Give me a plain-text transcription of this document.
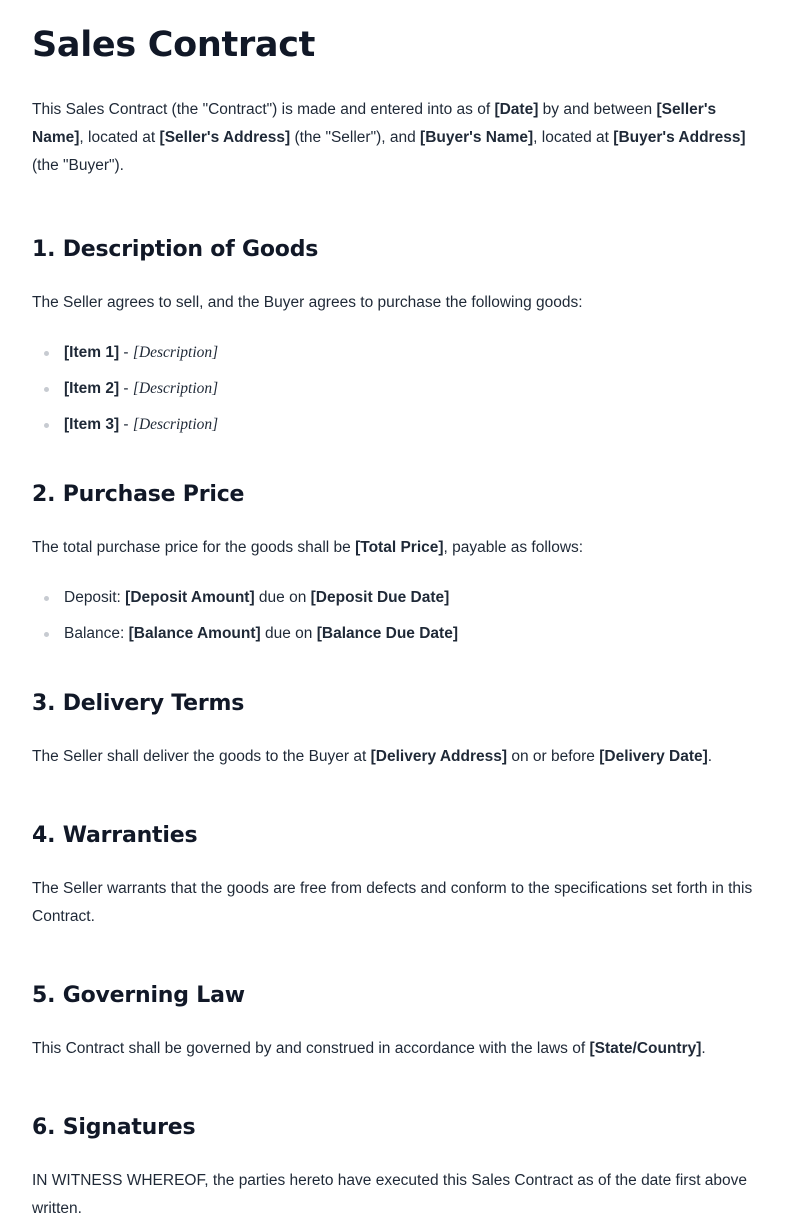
Sales Contract

This Sales Contract (the "Contract") is made and entered into as of [Date] by and between [Seller's Name], located at [Seller's Address] (the "Seller"), and [Buyer's Name], located at [Buyer's Address] (the "Buyer").

1. Description of Goods

The Seller agrees to sell, and the Buyer agrees to purchase the following goods:

[Item 1] - [Description]
[Item 2] - [Description]
[Item 3] - [Description]
2. Purchase Price

The total purchase price for the goods shall be [Total Price], payable as follows:

Deposit: [Deposit Amount] due on [Deposit Due Date]
Balance: [Balance Amount] due on [Balance Due Date]
3. Delivery Terms

The Seller shall deliver the goods to the Buyer at [Delivery Address] on or before [Delivery Date].

4. Warranties

The Seller warrants that the goods are free from defects and conform to the specifications set forth in this Contract.

5. Governing Law

This Contract shall be governed by and construed in accordance with the laws of [State/Country].

6. Signatures

IN WITNESS WHEREOF, the parties hereto have executed this Sales Contract as of the date first above written.
